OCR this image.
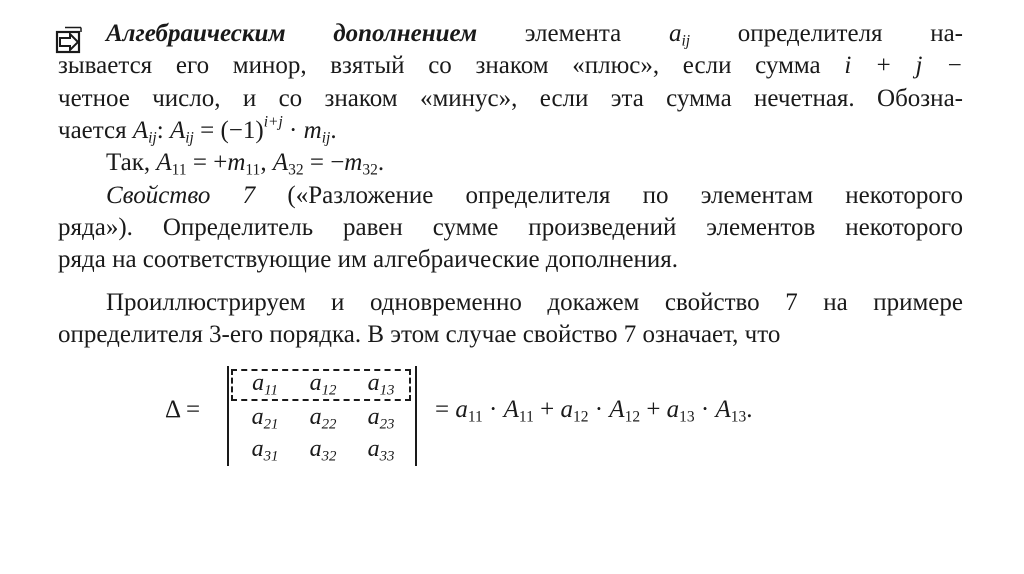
Алгебраическим дополнением элемента $a_{ij}$ определителя на-
зывается его минор, взятый со знаком «плюс», если сумма i + j −
четное число, и со знаком «минус», если эта сумма нечетная. Обозна-
чается $A_{ij}$: $A_{ij} = (-1)^{i+j} \cdot m_{ij}$.
Так, $A_{11} = +m_{11}$, $A_{32} = -m_{32}$.
Свойство 7 («Разложение определителя по элементам некоторого
ряда»). Определитель равен сумме произведений элементов некоторого
ряда на соответствующие им алгебраические дополнения.
Проиллюстрируем и одновременно докажем свойство 7 на примере
определителя 3-его порядка. В этом случае свойство 7 означает, что
Δ =
$a_{11}$	$a_{12}$	$a_{13}$
$a_{21}$	$a_{22}$	$a_{23}$
$a_{31}$	$a_{32}$	$a_{33}$
= $a_{11} \cdot A_{11} + a_{12} \cdot A_{12} + a_{13} \cdot A_{13}$.
